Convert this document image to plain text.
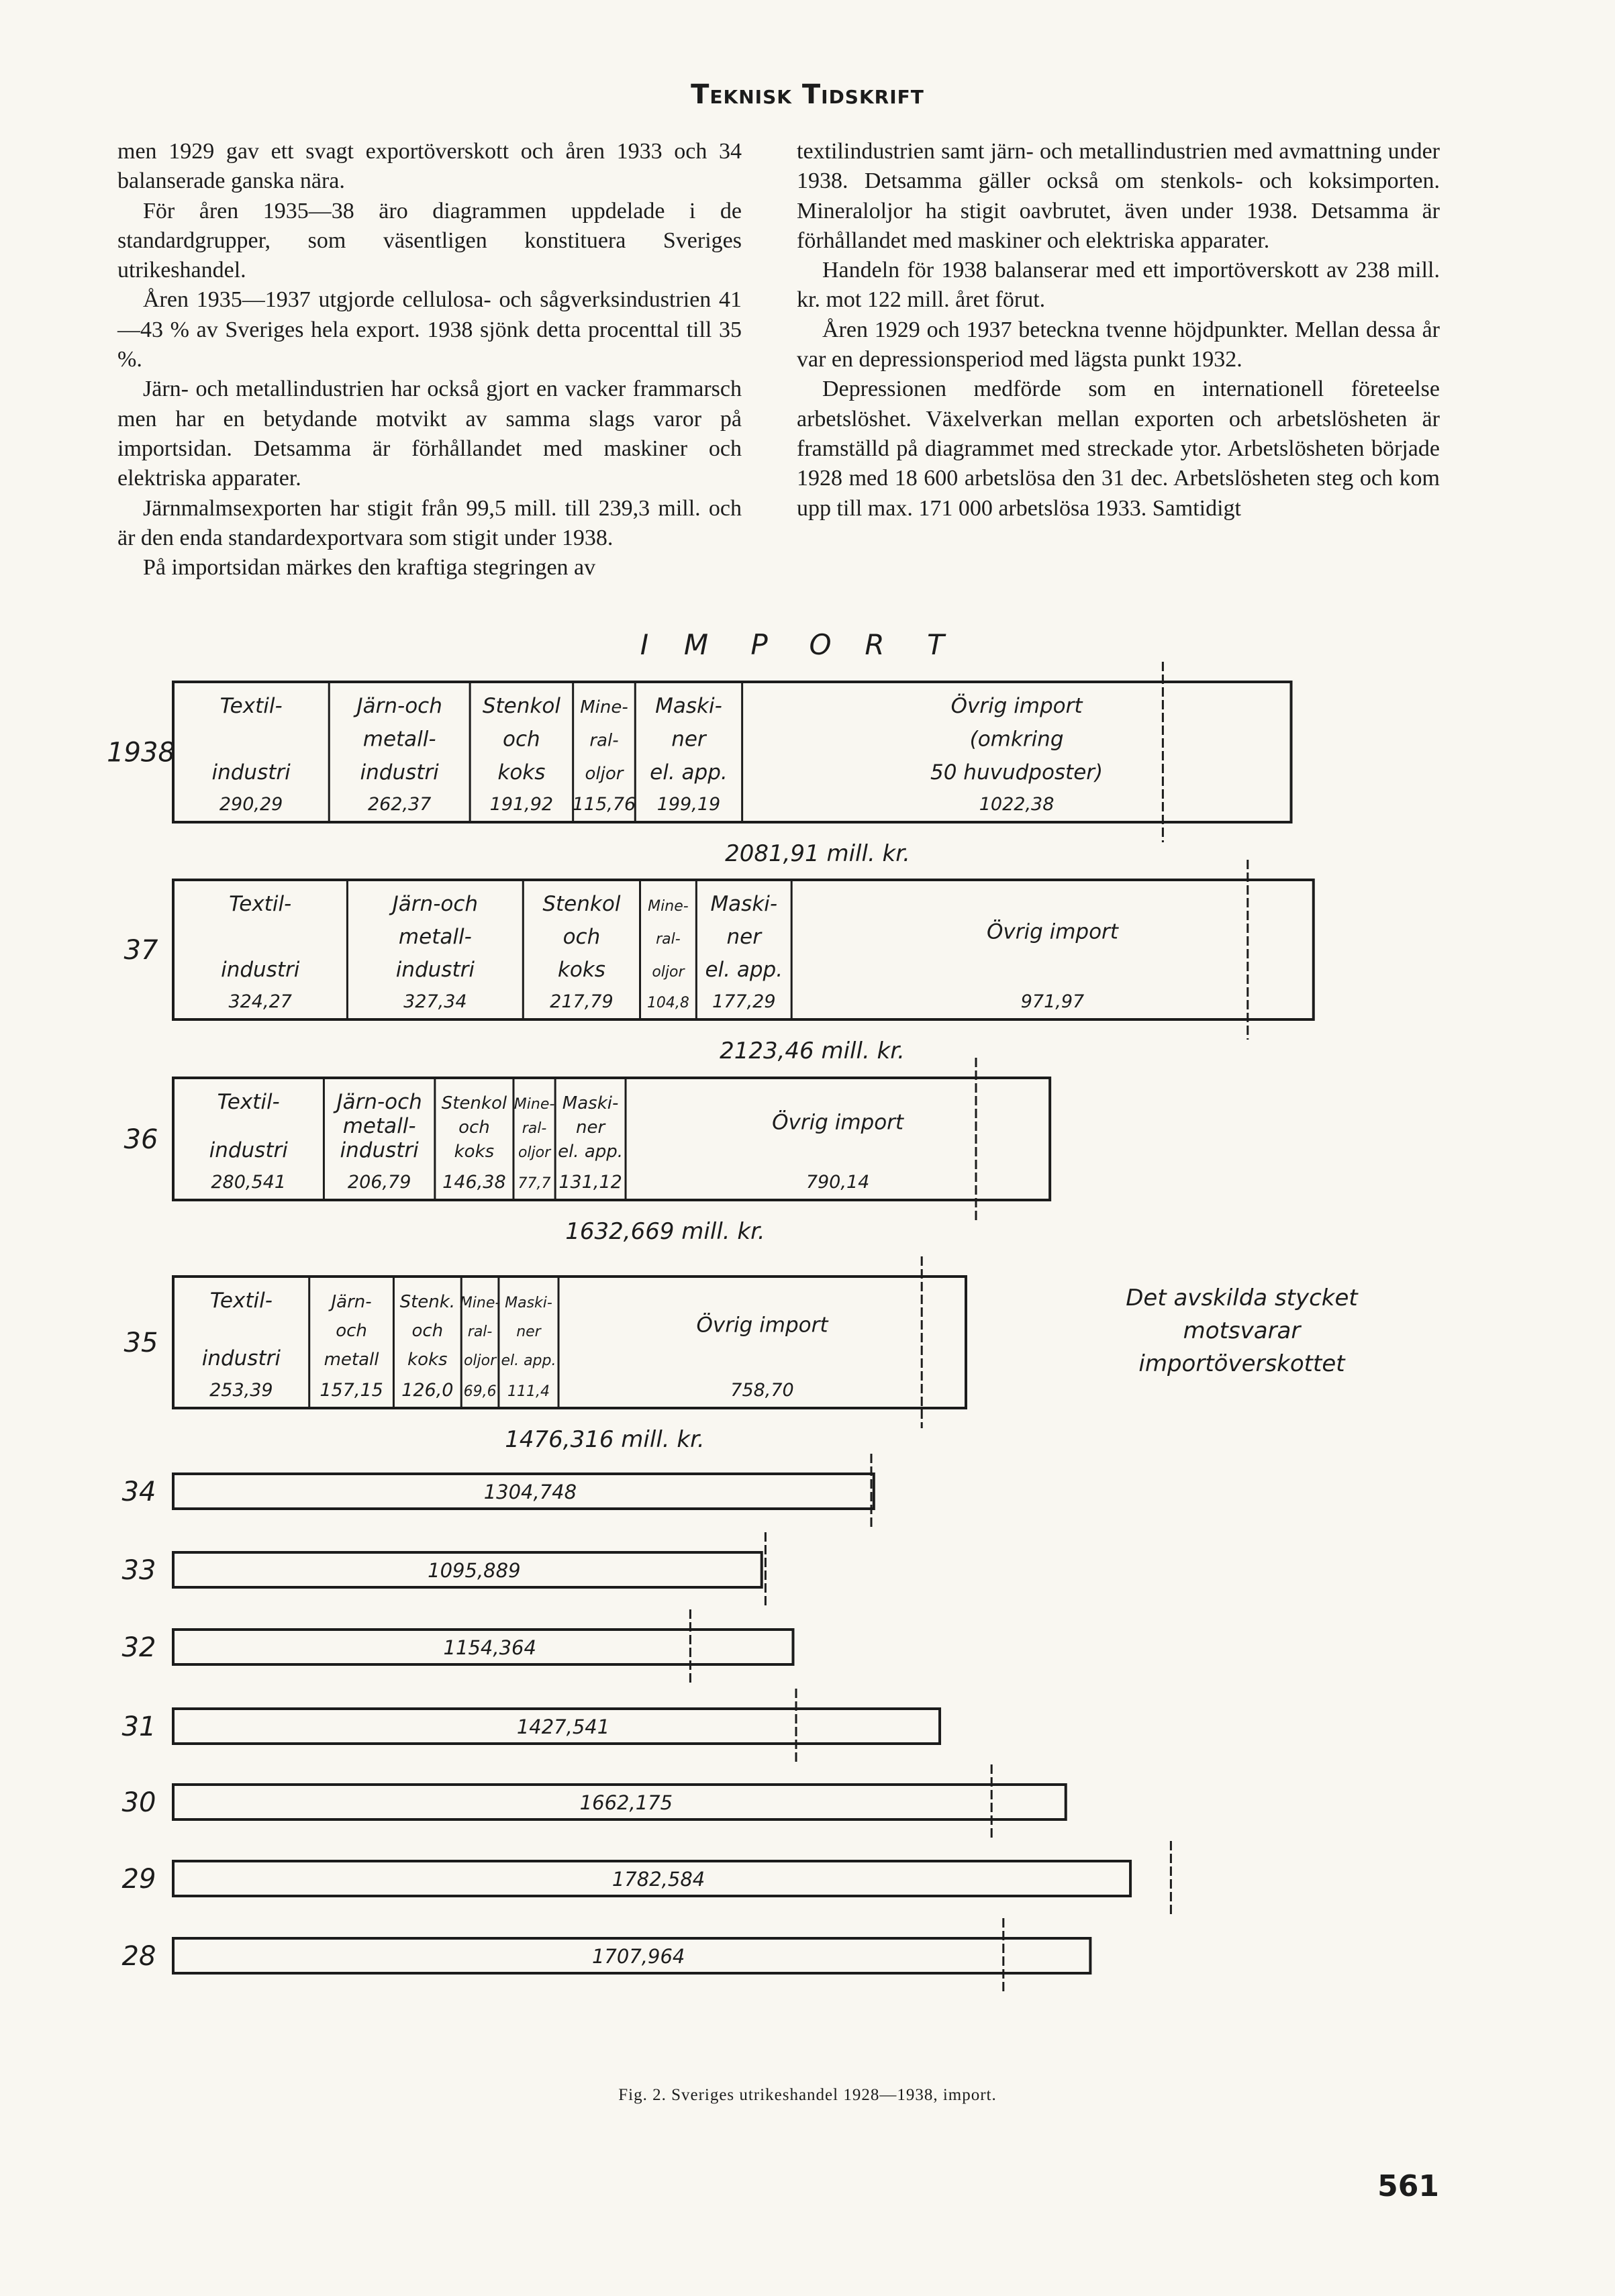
Teknisk Tidskrift

men 1929 gav ett svagt exportöverskott och åren 1933 och 34 balanserade ganska nära.

För åren 1935—38 äro diagrammen uppdelade i de standardgrupper, som väsentligen konstituera Sveriges utrikeshandel.

Åren 1935—1937 utgjorde cellulosa- och sågverksindustrien 41—43 % av Sveriges hela export. 1938 sjönk detta procenttal till 35 %.

Järn- och metallindustrien har också gjort en vacker frammarsch men har en betydande motvikt av samma slags varor på importsidan. Detsamma är förhållandet med maskiner och elektriska apparater.

Järnmalmsexporten har stigit från 99,5 mill. till 239,3 mill. och är den enda standardexportvara som stigit under 1938.

På importsidan märkes den kraftiga stegringen av

textilindustrien samt järn- och metallindustrien med avmattning under 1938. Detsamma gäller också om stenkols- och koksimporten. Mineraloljor ha stigit oavbrutet, även under 1938. Detsamma är förhållandet med maskiner och elektriska apparater.

Handeln för 1938 balanserar med ett importöverskott av 238 mill. kr. mot 122 mill. året förut.

Åren 1929 och 1937 beteckna tvenne höjdpunkter. Mellan dessa år var en depressionsperiod med lägsta punkt 1932.

Depressionen medförde som en internationell företeelse arbetslöshet. Växelverkan mellan exporten och arbetslösheten är framställd på diagrammet med streckade ytor. Arbetslösheten började 1928 med 18 600 arbetslösa den 31 dec. Arbetslösheten steg och kom upp till max. 171 000 arbetslösa 1933. Samtidigt

I M P O R T
Textil-
industri
290,29
Järn-och
metall-
industri
262,37
Stenkol
och
koks
191,92
Mine-
ral-
oljor
115,76
Maski-
ner
el. app.
199,19
Övrig import
(omkring
50 huvudposter)
1022,38
1938
2081,91 mill. kr.
Textil-
industri
324,27
Järn-och
metall-
industri
327,34
Stenkol
och
koks
217,79
Mine-
ral-
oljor
104,8
Maski-
ner
el. app.
177,29
Övrig import
971,97
37
2123,46 mill. kr.
Textil-
industri
280,541
Järn-och
metall-
industri
206,79
Stenkol
och
koks
146,38
Mine-
ral-
oljor
77,7
Maski-
ner
el. app.
131,12
Övrig import
790,14
36
1632,669 mill. kr.
Textil-
industri
253,39
Järn-
och
metall
157,15
Stenk.
och
koks
126,0
Mine-
ral-
oljor
69,6
Maski-
ner
el. app.
111,4
Övrig import
758,70
35
1476,316 mill. kr.
Det avskilda stycket
motsvarar
importöverskottet
1304,748
34
1095,889
33
1154,364
32
1427,541
31
1662,175
30
1782,584
29
1707,964
28
Fig. 2. Sveriges utrikeshandel 1928—1938, import.
561
